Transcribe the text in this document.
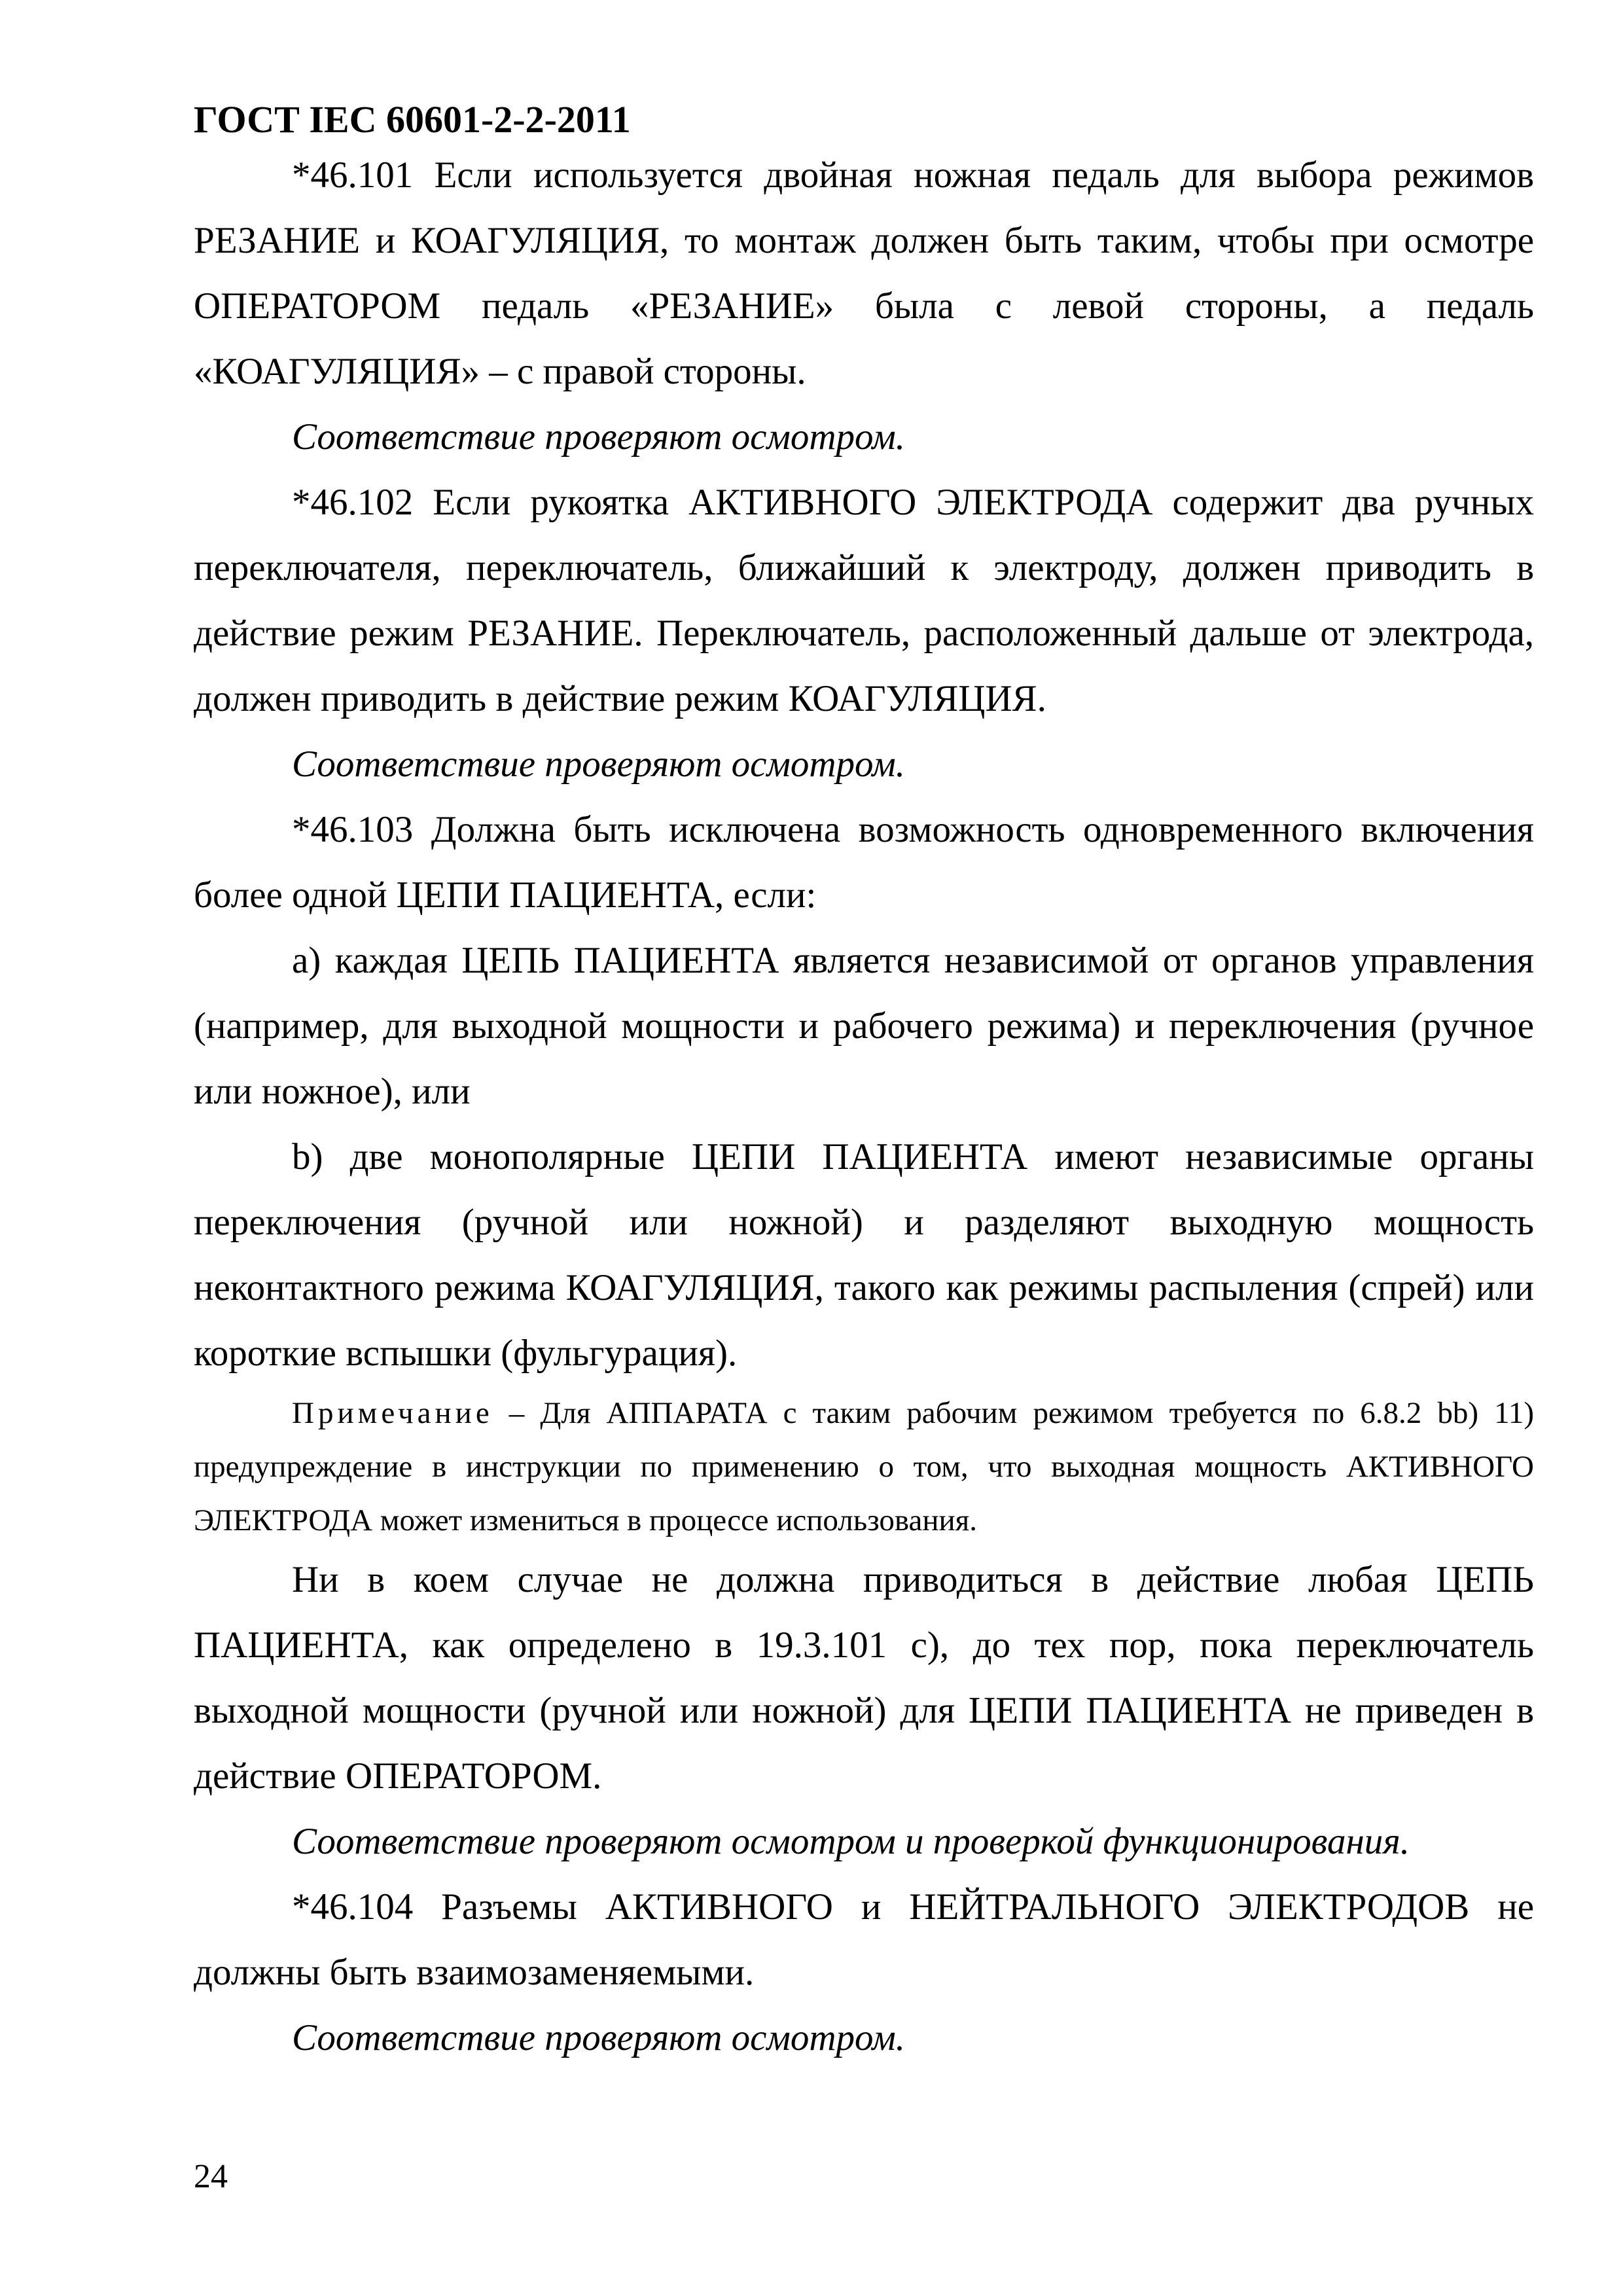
ГОСТ IEC 60601-2-2-2011

*46.101 Если используется двойная ножная педаль для выбора режимов РЕЗАНИЕ и КОАГУЛЯЦИЯ, то монтаж должен быть таким, чтобы при осмотре ОПЕРАТОРОМ педаль «РЕЗАНИЕ» была с левой стороны, а педаль «КОАГУЛЯЦИЯ» – с правой стороны.

Соответствие проверяют осмотром.

*46.102 Если рукоятка АКТИВНОГО ЭЛЕКТРОДА содержит два ручных переключателя, переключатель, ближайший к электроду, должен приводить в действие режим РЕЗАНИЕ. Переключатель, расположенный дальше от электрода, должен приводить в действие режим КОАГУЛЯЦИЯ.

Соответствие проверяют осмотром.

*46.103 Должна быть исключена возможность одновременного включения более одной ЦЕПИ ПАЦИЕНТА, если:

а) каждая ЦЕПЬ ПАЦИЕНТА является независимой от органов управления (например, для выходной мощности и рабочего режима) и переключения (ручное или ножное), или

b) две монополярные ЦЕПИ ПАЦИЕНТА имеют независимые органы переключения (ручной или ножной) и разделяют выходную мощность неконтактного режима КОАГУЛЯЦИЯ, такого как режимы распыления (спрей) или короткие вспышки (фульгурация).

Примечание – Для АППАРАТА с таким рабочим режимом требуется по 6.8.2 bb) 11) предупреждение в инструкции по применению о том, что выходная мощность АКТИВНОГО ЭЛЕКТРОДА может измениться в процессе использования.

Ни в коем случае не должна приводиться в действие любая ЦЕПЬ ПАЦИЕНТА, как определено в 19.3.101 с), до тех пор, пока переключатель выходной мощности (ручной или ножной) для ЦЕПИ ПАЦИЕНТА не приведен в действие ОПЕРАТОРОМ.

Соответствие проверяют осмотром и проверкой функционирования.

*46.104 Разъемы АКТИВНОГО и НЕЙТРАЛЬНОГО ЭЛЕКТРОДОВ не должны быть взаимозаменяемыми.

Соответствие проверяют осмотром.

24
